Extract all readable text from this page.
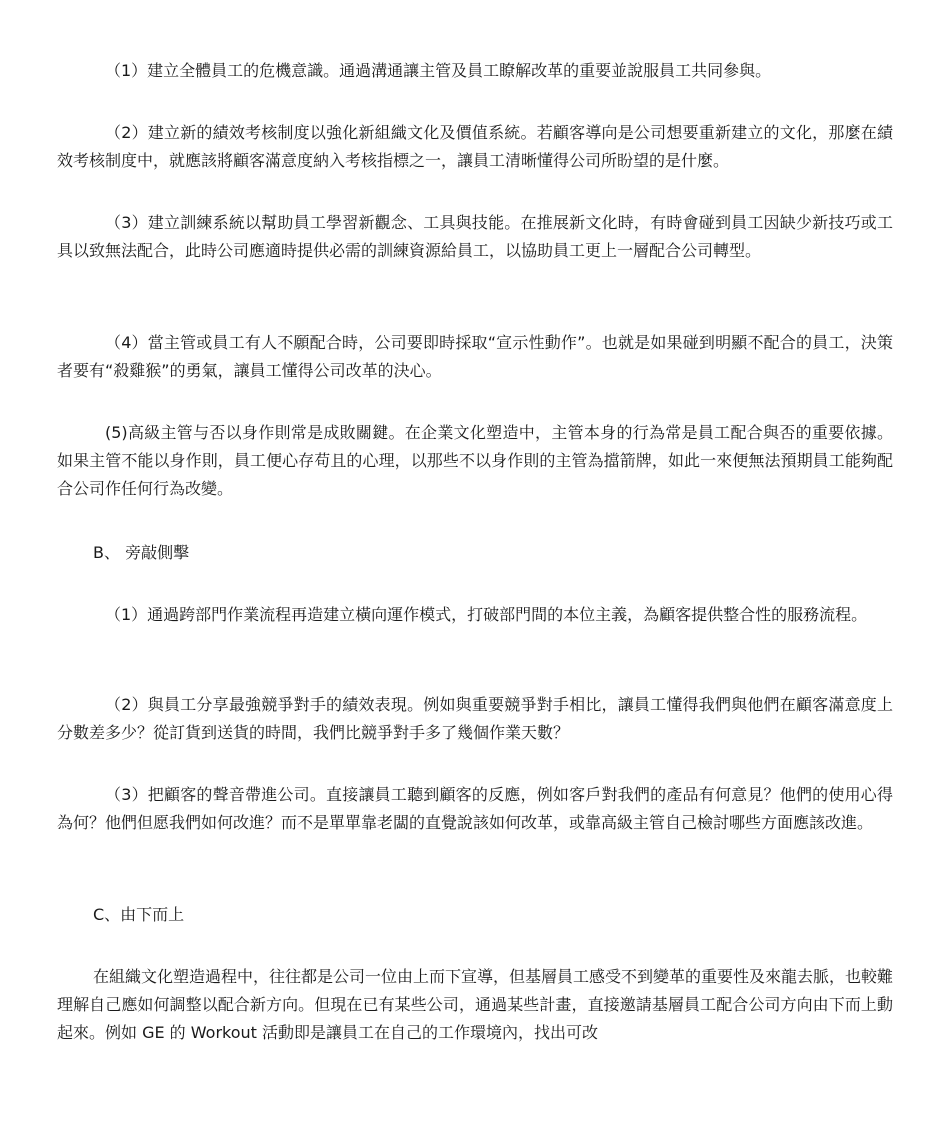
（1）建立全體員工的危機意識。通過溝通讓主管及員工瞭解改革的重要並說服員工共同參與。

（2）建立新的績效考核制度以強化新組織文化及價值系統。若顧客導向是公司想要重新建立的文化，那麼在績效考核制度中，就應該將顧客滿意度納入考核指標之一，讓員工清晰懂得公司所盼望的是什麼。

（3）建立訓練系統以幫助員工學習新觀念、工具與技能。在推展新文化時，有時會碰到員工因缺少新技巧或工具以致無法配合，此時公司應適時提供必需的訓練資源給員工，以協助員工更上一層配合公司轉型。

（4）當主管或員工有人不願配合時，公司要即時採取“宣示性動作”。也就是如果碰到明顯不配合的員工，決策者要有“殺雞猴”的勇氣，讓員工懂得公司改革的決心。

(5)高級主管与否以身作則常是成敗關鍵。在企業文化塑造中，主管本身的行為常是員工配合與否的重要依據。如果主管不能以身作則，員工便心存苟且的心理，以那些不以身作則的主管為擋箭牌，如此一來便無法預期員工能夠配合公司作任何行為改變。

B、 旁敲側擊

（1）通過跨部門作業流程再造建立橫向運作模式，打破部門間的本位主義，為顧客提供整合性的服務流程。

（2）與員工分享最強競爭對手的績效表現。例如與重要競爭對手相比，讓員工懂得我們與他們在顧客滿意度上分數差多少？從訂貨到送貨的時間，我們比競爭對手多了幾個作業天數？

（3）把顧客的聲音帶進公司。直接讓員工聽到顧客的反應，例如客戶對我們的產品有何意見？他們的使用心得為何？他們但愿我們如何改進？而不是單單靠老闆的直覺說該如何改革，或靠高級主管自己檢討哪些方面應該改進。

C、由下而上

在組織文化塑造過程中，往往都是公司一位由上而下宣導，但基層員工感受不到變革的重要性及來龍去脈，也較難理解自己應如何調整以配合新方向。但現在已有某些公司，通過某些計畫，直接邀請基層員工配合公司方向由下而上動起來。例如 GE 的 Workout 活動即是讓員工在自己的工作環境內，找出可改
